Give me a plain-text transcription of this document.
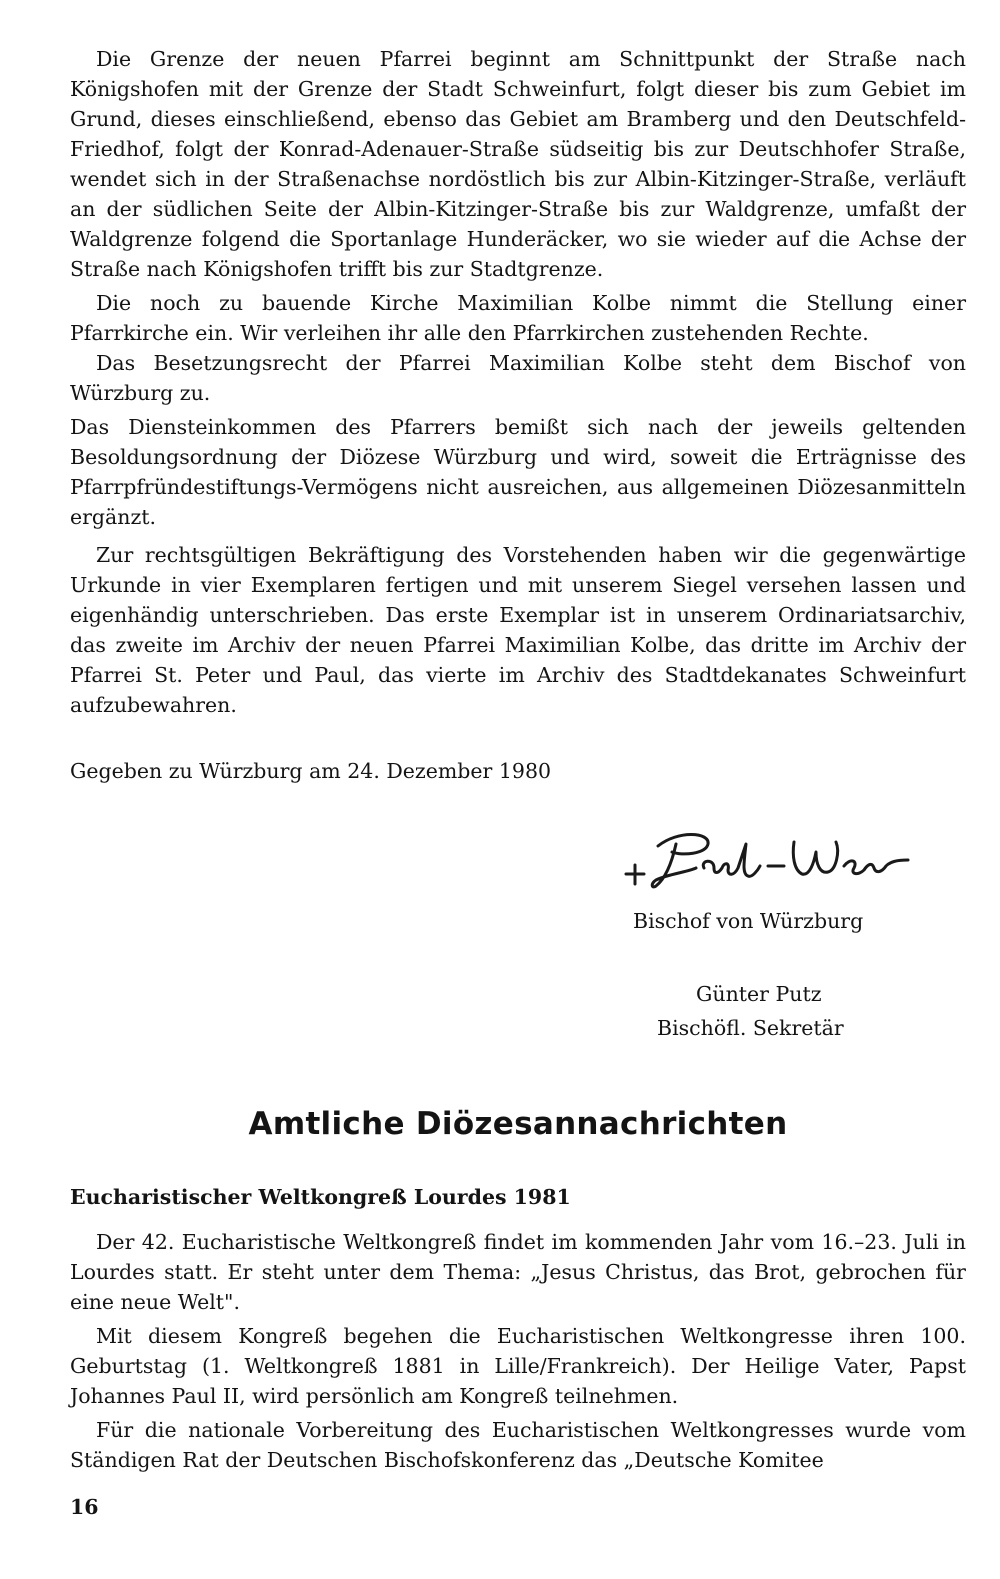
Die Grenze der neuen Pfarrei beginnt am Schnittpunkt der Straße nach Königshofen mit der Grenze der Stadt Schweinfurt, folgt dieser bis zum Gebiet im Grund, dieses einschließend, ebenso das Gebiet am Bramberg und den Deutschfeld-Friedhof, folgt der Konrad-Adenauer-Straße südseitig bis zur Deutschhofer Straße, wendet sich in der Straßenachse nordöstlich bis zur Albin-Kitzinger-Straße, verläuft an der südlichen Seite der Albin-Kitzinger-Straße bis zur Waldgrenze, umfaßt der Waldgrenze folgend die Sportanlage Hunderäcker, wo sie wieder auf die Achse der Straße nach Königshofen trifft bis zur Stadtgrenze.

Die noch zu bauende Kirche Maximilian Kolbe nimmt die Stellung einer Pfarrkirche ein. Wir verleihen ihr alle den Pfarrkirchen zustehenden Rechte.

Das Besetzungsrecht der Pfarrei Maximilian Kolbe steht dem Bischof von Würzburg zu.

Das Diensteinkommen des Pfarrers bemißt sich nach der jeweils geltenden Besoldungsordnung der Diözese Würzburg und wird, soweit die Erträgnisse des Pfarrpfründestiftungs-Vermögens nicht ausreichen, aus allgemeinen Diözesanmitteln ergänzt.

Zur rechtsgültigen Bekräftigung des Vorstehenden haben wir die gegenwärtige Urkunde in vier Exemplaren fertigen und mit unserem Siegel versehen lassen und eigenhändig unterschrieben. Das erste Exemplar ist in unserem Ordinariatsarchiv, das zweite im Archiv der neuen Pfarrei Maximilian Kolbe, das dritte im Archiv der Pfarrei St. Peter und Paul, das vierte im Archiv des Stadtdekanates Schweinfurt aufzubewahren.

Gegeben zu Würzburg am 24. Dezember 1980
+ Paul-Werner
Bischof von Würzburg
Günter Putz
Bischöfl. Sekretär
Amtliche Diözesannachrichten
Eucharistischer Weltkongreß Lourdes 1981

Der 42. Eucharistische Weltkongreß findet im kommenden Jahr vom 16.–23. Juli in Lourdes statt. Er steht unter dem Thema: „Jesus Christus, das Brot, gebrochen für eine neue Welt".

Mit diesem Kongreß begehen die Eucharistischen Weltkongresse ihren 100. Geburtstag (1. Weltkongreß 1881 in Lille/Frankreich). Der Heilige Vater, Papst Johannes Paul II, wird persönlich am Kongreß teilnehmen.

Für die nationale Vorbereitung des Eucharistischen Weltkongresses wurde vom Ständigen Rat der Deutschen Bischofskonferenz das „Deutsche Komitee

16
